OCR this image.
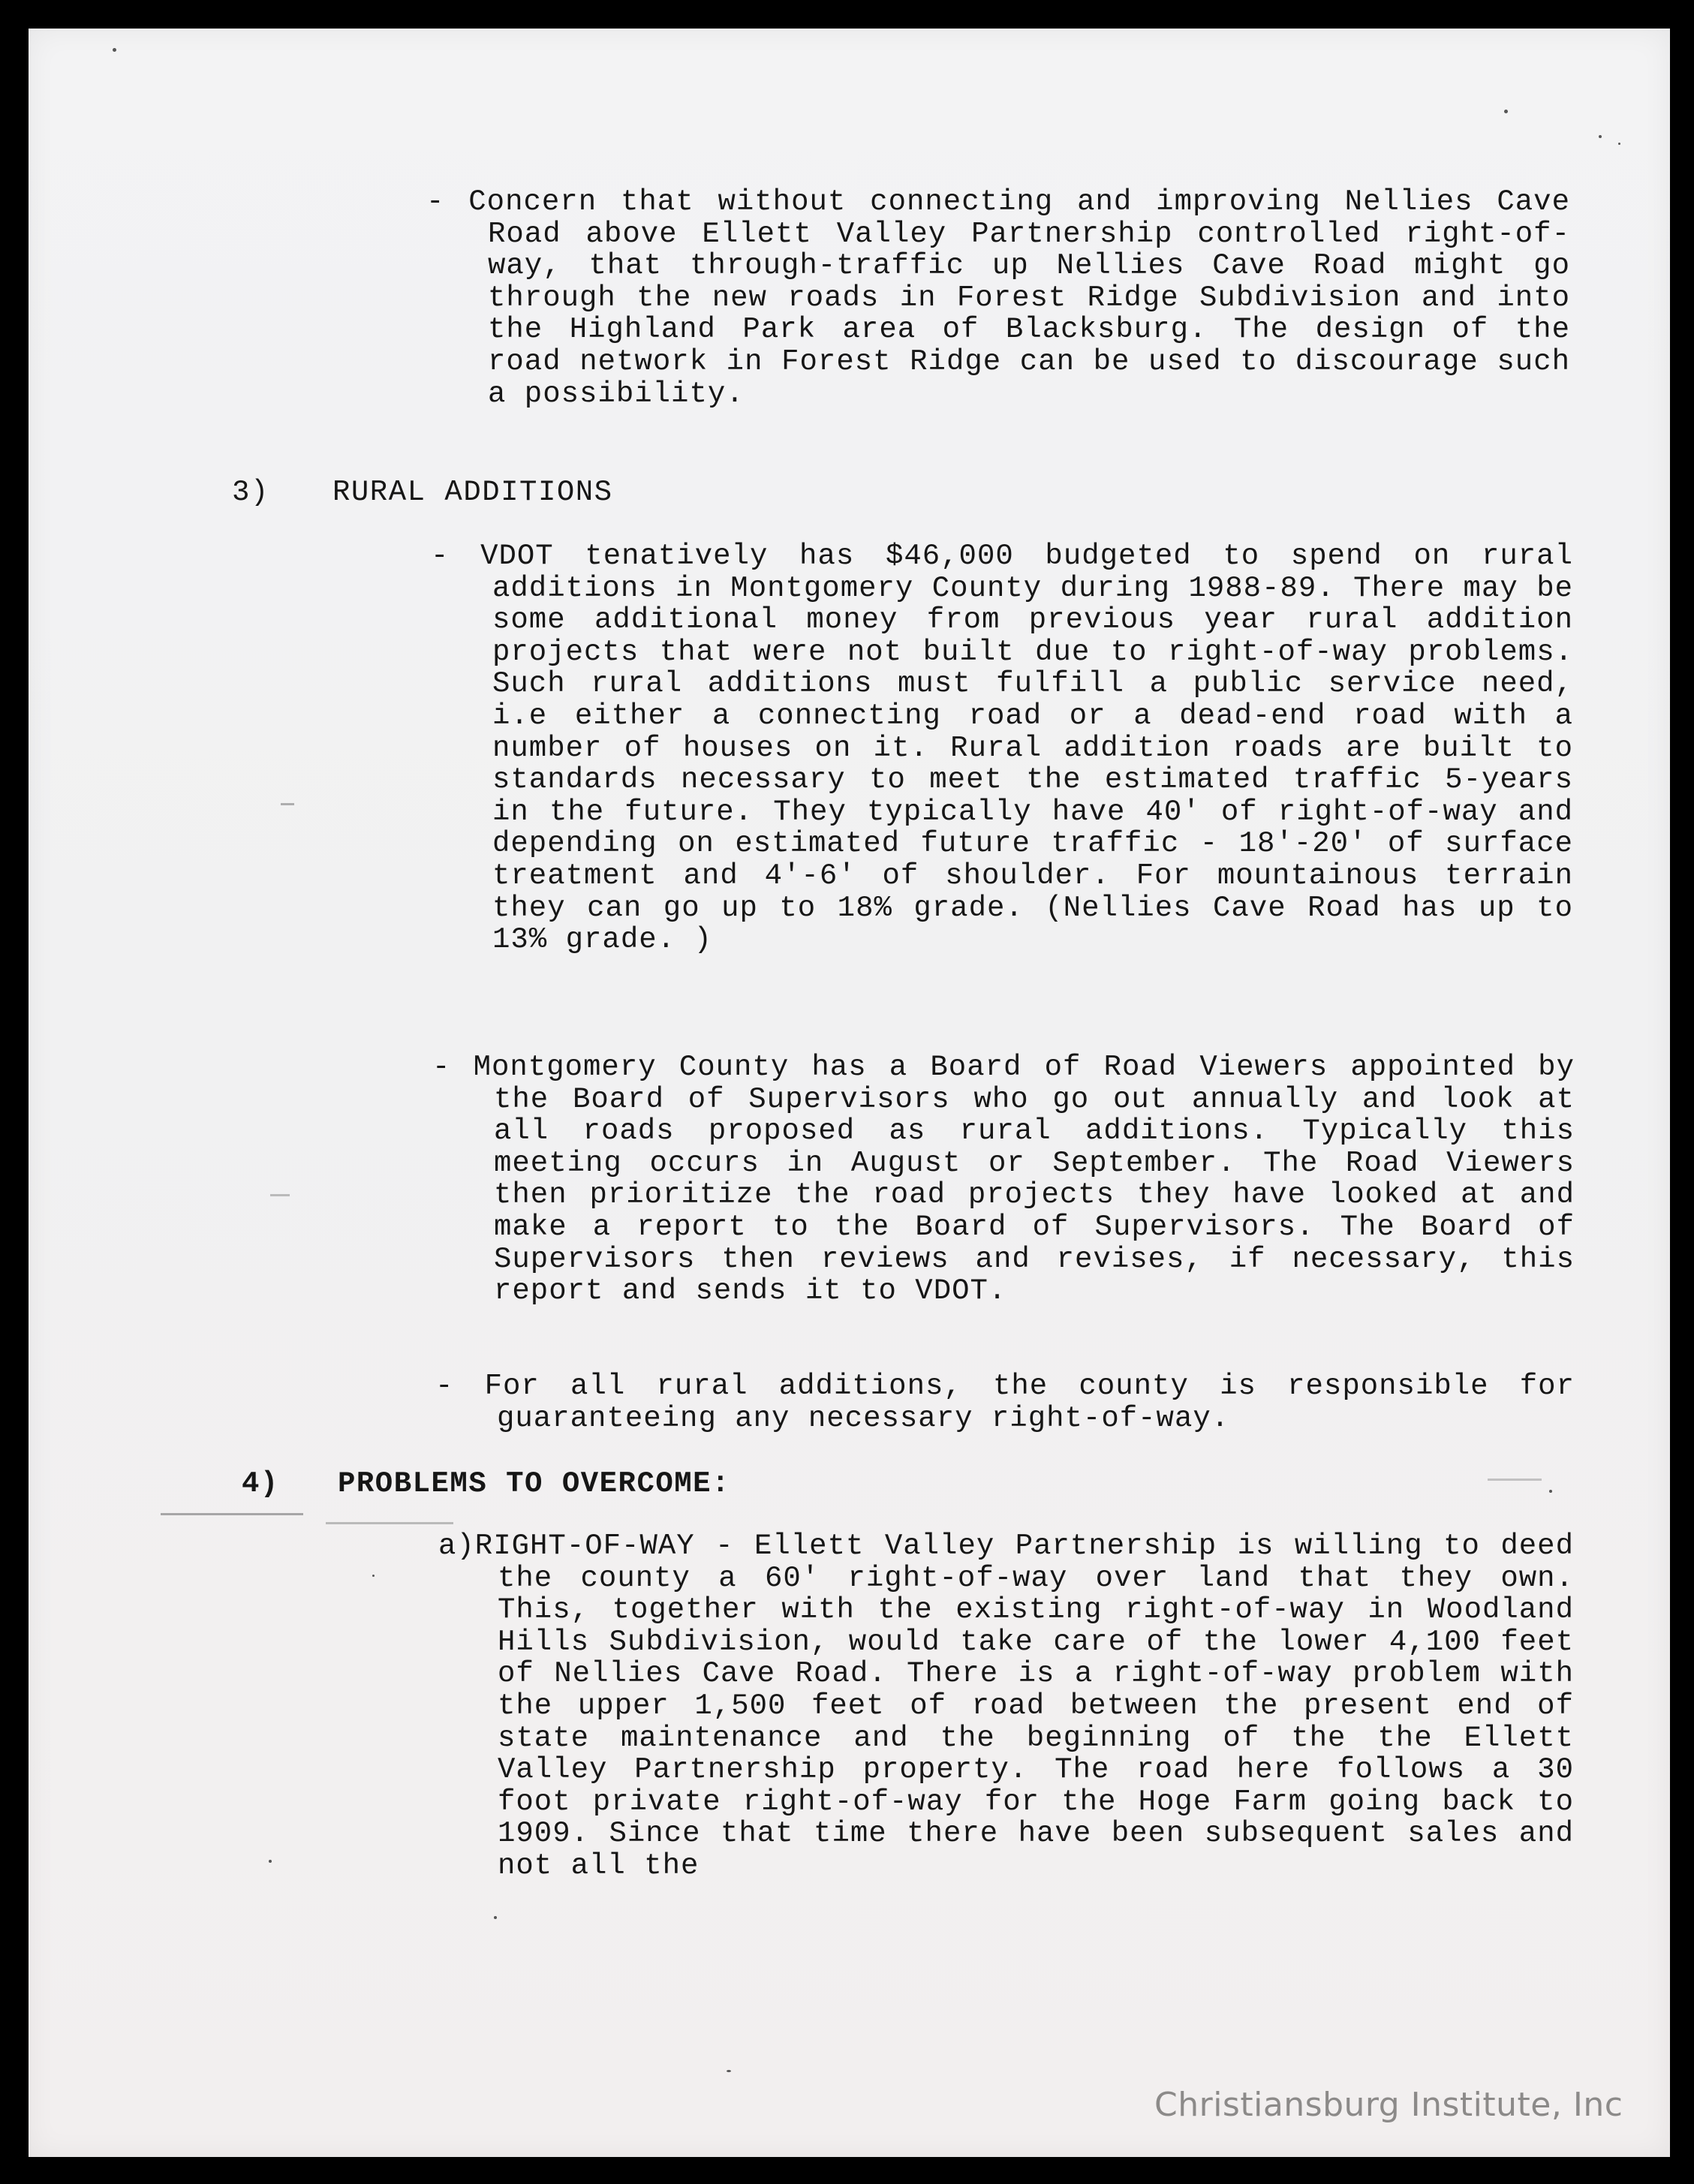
- Concern that without connecting and improving Nellies Cave Road above Ellett Valley Partnership controlled right-of-way, that through-traffic up Nellies Cave Road might go through the new roads in Forest Ridge Subdivision and into the Highland Park area of Blacksburg. The design of the road network in Forest Ridge can be used to discourage such a possibility.
3) RURAL ADDITIONS
- VDOT tenatively has $46,000 budgeted to spend on rural additions in Montgomery County during 1988-89. There may be some additional money from previous year rural addition projects that were not built due to right-of-way problems. Such rural additions must fulfill a public service need, i.e either a connecting road or a dead-end road with a number of houses on it. Rural addition roads are built to standards necessary to meet the estimated traffic 5-years in the future. They typically have 40' of right-of-way and depending on estimated future traffic - 18'-20' of surface treatment and 4'-6' of shoulder. For mountainous terrain they can go up to 18% grade. (Nellies Cave Road has up to 13% grade. )
- Montgomery County has a Board of Road Viewers appointed by the Board of Supervisors who go out annually and look at all roads proposed as rural additions. Typically this meeting occurs in August or September. The Road Viewers then prioritize the road projects they have looked at and make a report to the Board of Supervisors. The Board of Supervisors then reviews and revises, if necessary, this report and sends it to VDOT.
- For all rural additions, the county is responsible for guaranteeing any necessary right-of-way.
4) PROBLEMS TO OVERCOME:
a)RIGHT-OF-WAY - Ellett Valley Partnership is willing to deed the county a 60' right-of-way over land that they own. This, together with the existing right-of-way in Woodland Hills Subdivision, would take care of the lower 4,100 feet of Nellies Cave Road. There is a right-of-way problem with the upper 1,500 feet of road between the present end of state maintenance and the beginning of the the Ellett Valley Partnership property. The road here follows a 30 foot private right-of-way for the Hoge Farm going back to 1909. Since that time there have been subsequent sales and not all the
Christiansburg Institute, Inc
